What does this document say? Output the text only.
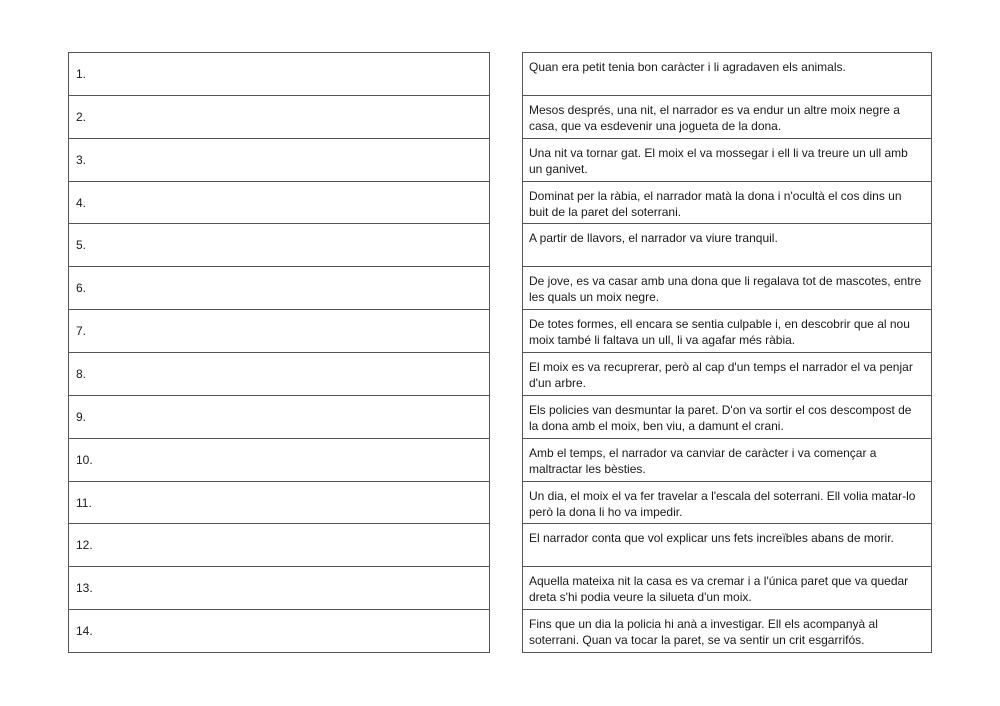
1.
2.
3.
4.
5.
6.
7.
8.
9.
10.
11.
12.
13.
14.
Quan era petit tenia bon caràcter i li agradaven els animals.
Mesos després, una nit, el narrador es va endur un altre moix negre a casa, que va esdevenir una joguetа de la dona.
Una nit va tornar gat. El moix el va mossegar i ell li va treure un ull amb un ganivet.
Dominat per la ràbia, el narrador matà la dona i n'ocultà el cos dins un buit de la paret del soterrani.
A partir de llavors, el narrador va viure tranquil.
De jove, es va casar amb una dona que li regalava tot de mascotes, entre les quals un moix negre.
De totes formes, ell encara se sentia culpable i, en descobrir que al nou moix també li faltava un ull, li va agafar més ràbia.
El moix es va recuprerar, però al cap d'un temps el narrador el va penjar d'un arbre.
Els policies van desmuntar la paret. D'on va sortir el cos descompost de la dona amb el moix, ben viu, a damunt el crani.
Amb el temps, el narrador va canviar de caràcter i va començar a maltractar les bèsties.
Un dia, el moix el va fer travelar a l'escala del soterrani. Ell volia matar-lo però la dona li ho va impedir.
El narrador conta que vol explicar uns fets increïbles abans de morir.
Aquella mateixa nit la casa es va cremar i a l'única paret que va quedar dreta s'hi podia veure la silueta d'un moix.
Fins que un dia la policia hi anà a investigar. Ell els acompanyà al soterrani. Quan va tocar la paret, se va sentir un crit esgarrifós.
